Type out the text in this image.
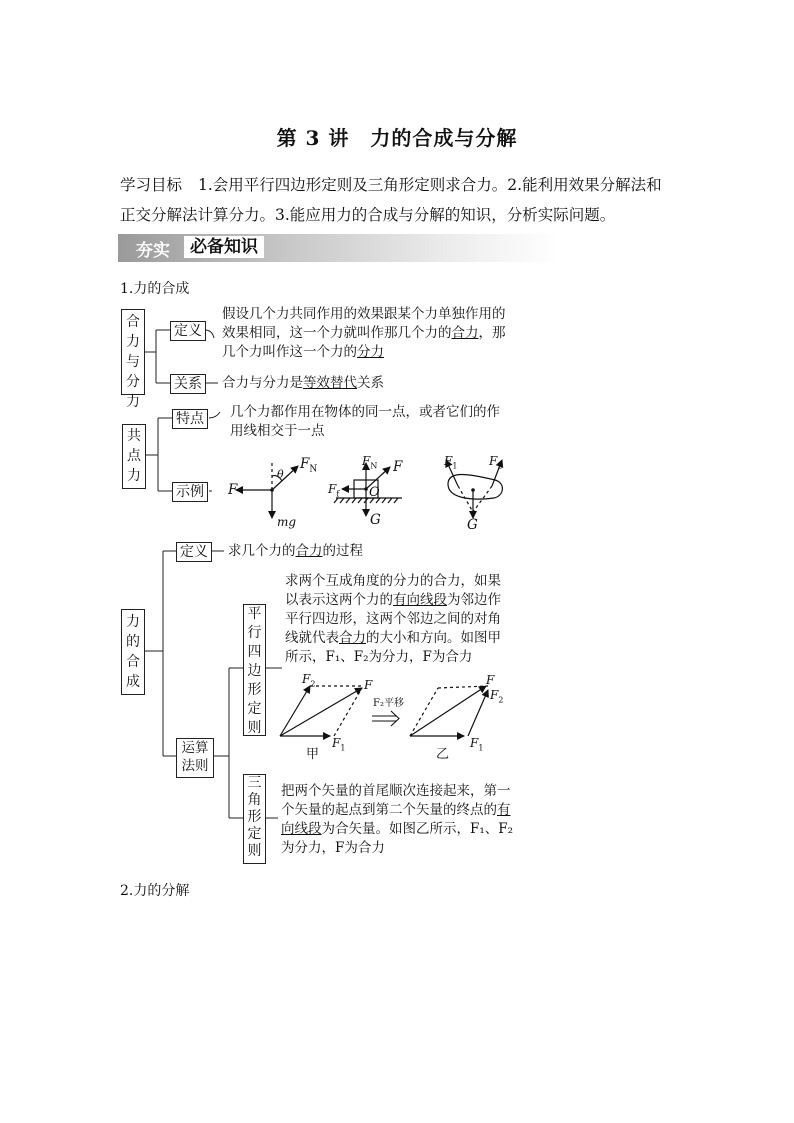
第 3 讲　力的合成与分解
学习目标 1.会用平行四边形定则及三角形定则求合力。2.能利用效果分解法和
正交分解法计算分力。3.能应用力的合成与分解的知识，分析实际问题。
夯实	必备知识
1.力的合成
合力与分力
定义
假设几个力共同作用的效果跟某个力单独作用的
效果相同，这一个力就叫作那几个力的合力，那
几个力叫作这一个力的分力
关系 合力与分力是等效替代关系
共点力
特点 几个力都作用在物体的同一点，或者它们的作
用线相交于一点
示例 F
$F_N$
θ
mg
$F_N$ F
$F_f$ O
G
$F_1$	$F_2$
G
力的合成
定义 求几个力的合力的过程
运算法则
平行四边形定则
求两个互成角度的分力的合力，如果
以表示这两个力的有向线段为邻边作
平行四边形，这两个邻边之间的对角
线就代表合力的大小和方向。如图甲
所示，F₁、F₂为分力，F为合力
$F_2$	F
$F_1$
甲
F₂平移
F
$F_2$
$F_1$
乙
三角形定则
把两个矢量的首尾顺次连接起来，第一
个矢量的起点到第二个矢量的终点的有
向线段为合矢量。如图乙所示，F₁、F₂
为分力，F为合力
2.力的分解
